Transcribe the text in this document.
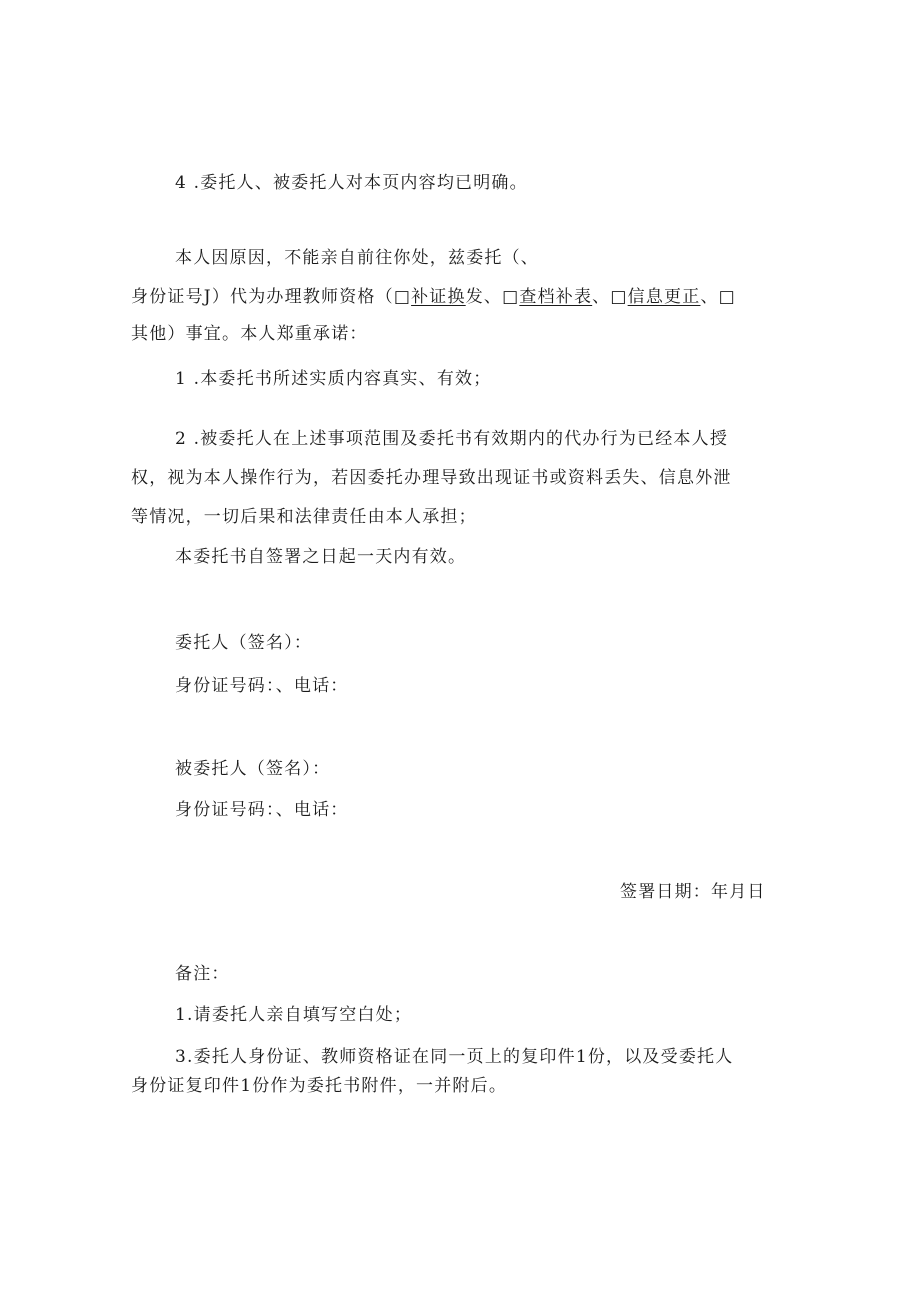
4 .委托人、被委托人对本页内容均已明确。
本人因原因，不能亲自前往你处，兹委托（、
身份证号J）代为办理教师资格（□补证换发、□查档补表、□信息更正、□
其他）事宜。本人郑重承诺：
1 .本委托书所述实质内容真实、有效；
2 .被委托人在上述事项范围及委托书有效期内的代办行为已经本人授
权，视为本人操作行为，若因委托办理导致出现证书或资料丢失、信息外泄
等情况，一切后果和法律责任由本人承担；
本委托书自签署之日起一天内有效。
委托人（签名）：
身份证号码：、电话：
被委托人（签名）：
身份证号码：、电话：
签署日期：年月日
备注：
1.请委托人亲自填写空白处；
3.委托人身份证、教师资格证在同一页上的复印件1份，以及受委托人
身份证复印件1份作为委托书附件，一并附后。
